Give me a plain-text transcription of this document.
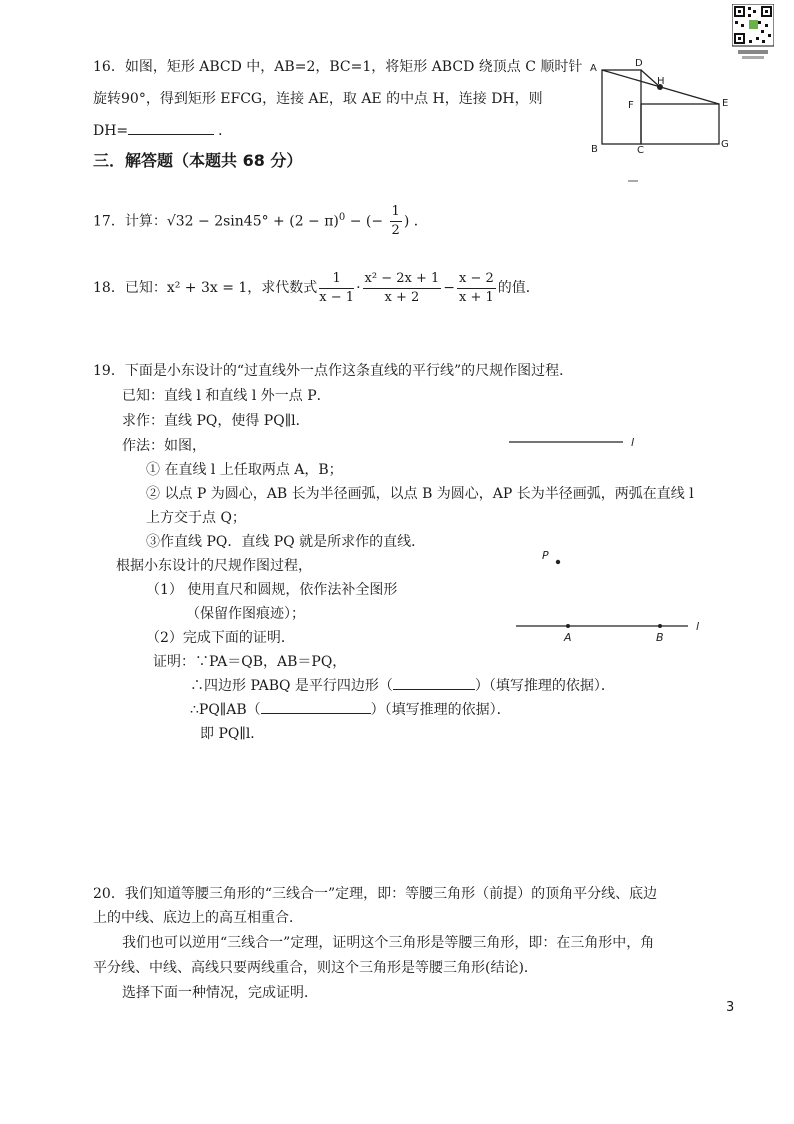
16．如图，矩形 ABCD 中，AB=2，BC=1，将矩形 ABCD 绕顶点 C 顺时针
旋转90°，得到矩形 EFCG，连接 AE，取 AE 的中点 H，连接 DH，则
DH=	．
A	D
H
E
F
B	C
G
三．解答题（本题共 68 分）
17．计算：$√32 - 2\sin 45^\circ + (2 - \pi)^0$ − (− $\frac{1}{2}$ ) ．
18．已知：x² + 3x = 1，求代数式 $\frac{1}{x - 1} \cdot \frac{\text{x² − 2x + 1}}{x + 2} - \frac{x - 2}{x + 1}$ 的值．
19．下面是小东设计的“过直线外一点作这条直线的平行线”的尺规作图过程．
已知：直线 l 和直线 l 外一点 P．
求作：直线 PQ，使得 PQ∥l．
作法：如图，
① 在直线 l 上任取两点 A，B；
② 以点 P 为圆心，AB 长为半径画弧，以点 B 为圆心，AP 长为半径画弧，两弧在直线 l
上方交于点 Q；
③作直线 PQ．直线 PQ 就是所求作的直线．
根据小东设计的尺规作图过程，
（1） 使用直尺和圆规，依作法补全图形
（保留作图痕迹）；
（2）完成下面的证明．
证明：∵PA＝QB，AB＝PQ，
∴四边形 PABQ 是平行四边形（	）（填写推理的依据）．
∴PQ∥AB（	）（填写推理的依据）．
即 PQ∥l．
l
P
A	B
l
20．我们知道等腰三角形的“三线合一”定理，即：等腰三角形（前提）的顶角平分线、底边
上的中线、底边上的高互相重合．
我们也可以逆用“三线合一”定理，证明这个三角形是等腰三角形，即：在三角形中，角
平分线、中线、高线只要两线重合，则这个三角形是等腰三角形(结论)．
选择下面一种情况，完成证明．
3
